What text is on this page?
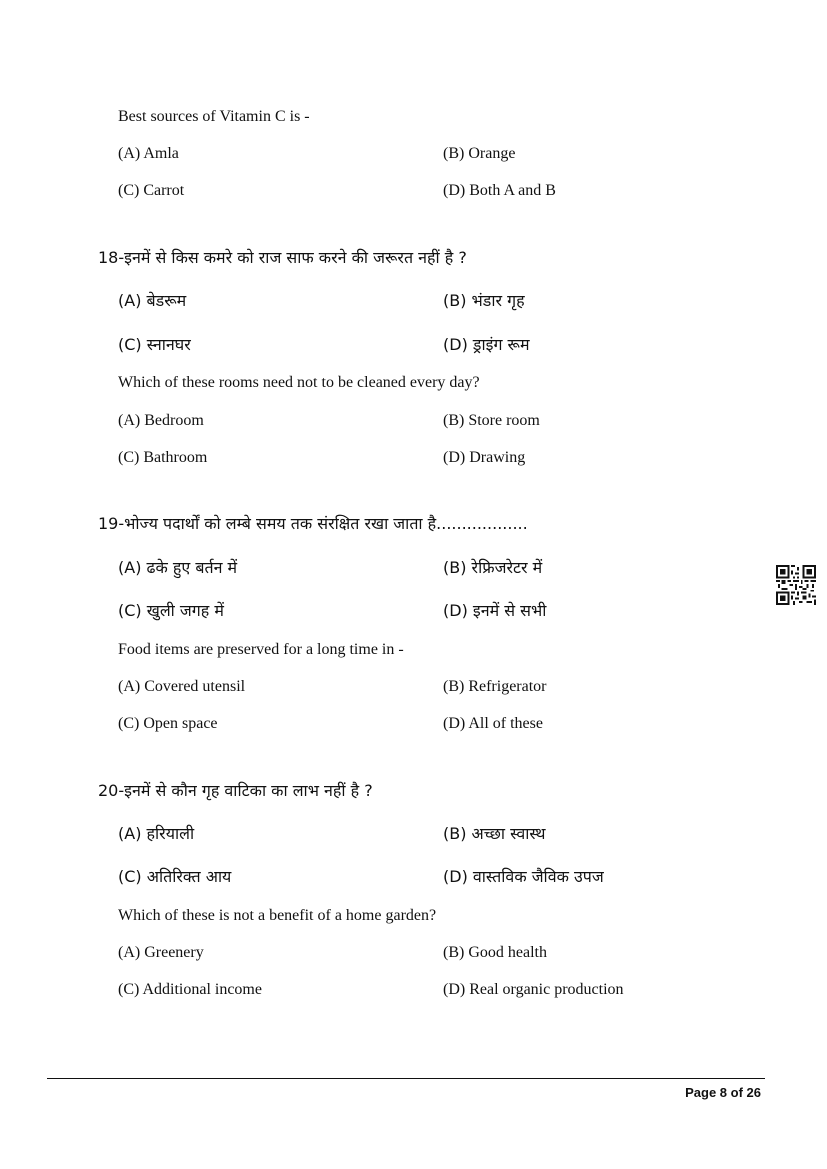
Best sources of Vitamin C is -
(A) Amla	(B) Orange
(C) Carrot	(D) Both A and B
18-इनमें से किस कमरे को राज साफ करने की जरूरत नहीं है ?
(A) बेडरूम	(B) भंडार गृह
(C) स्नानघर	(D) ड्राइंग रूम
Which of these rooms need not to be cleaned every day?
(A) Bedroom	(B) Store room
(C) Bathroom	(D) Drawing
19-भोज्य पदार्थों को लम्बे समय तक संरक्षित रखा जाता है..................
(A) ढके हुए बर्तन में	(B) रेफ्रिजरेटर में
(C) खुली जगह में	(D) इनमें से सभी
Food items are preserved for a long time in -
(A) Covered utensil	(B) Refrigerator
(C) Open space	(D) All of these
20-इनमें से कौन गृह वाटिका का लाभ नहीं है ?
(A) हरियाली	(B) अच्छा स्वास्थ
(C) अतिरिक्त आय	(D) वास्तविक जैविक उपज
Which of these is not a benefit of a home garden?
(A) Greenery	(B) Good health
(C) Additional income	(D) Real organic production
Page 8 of 26
